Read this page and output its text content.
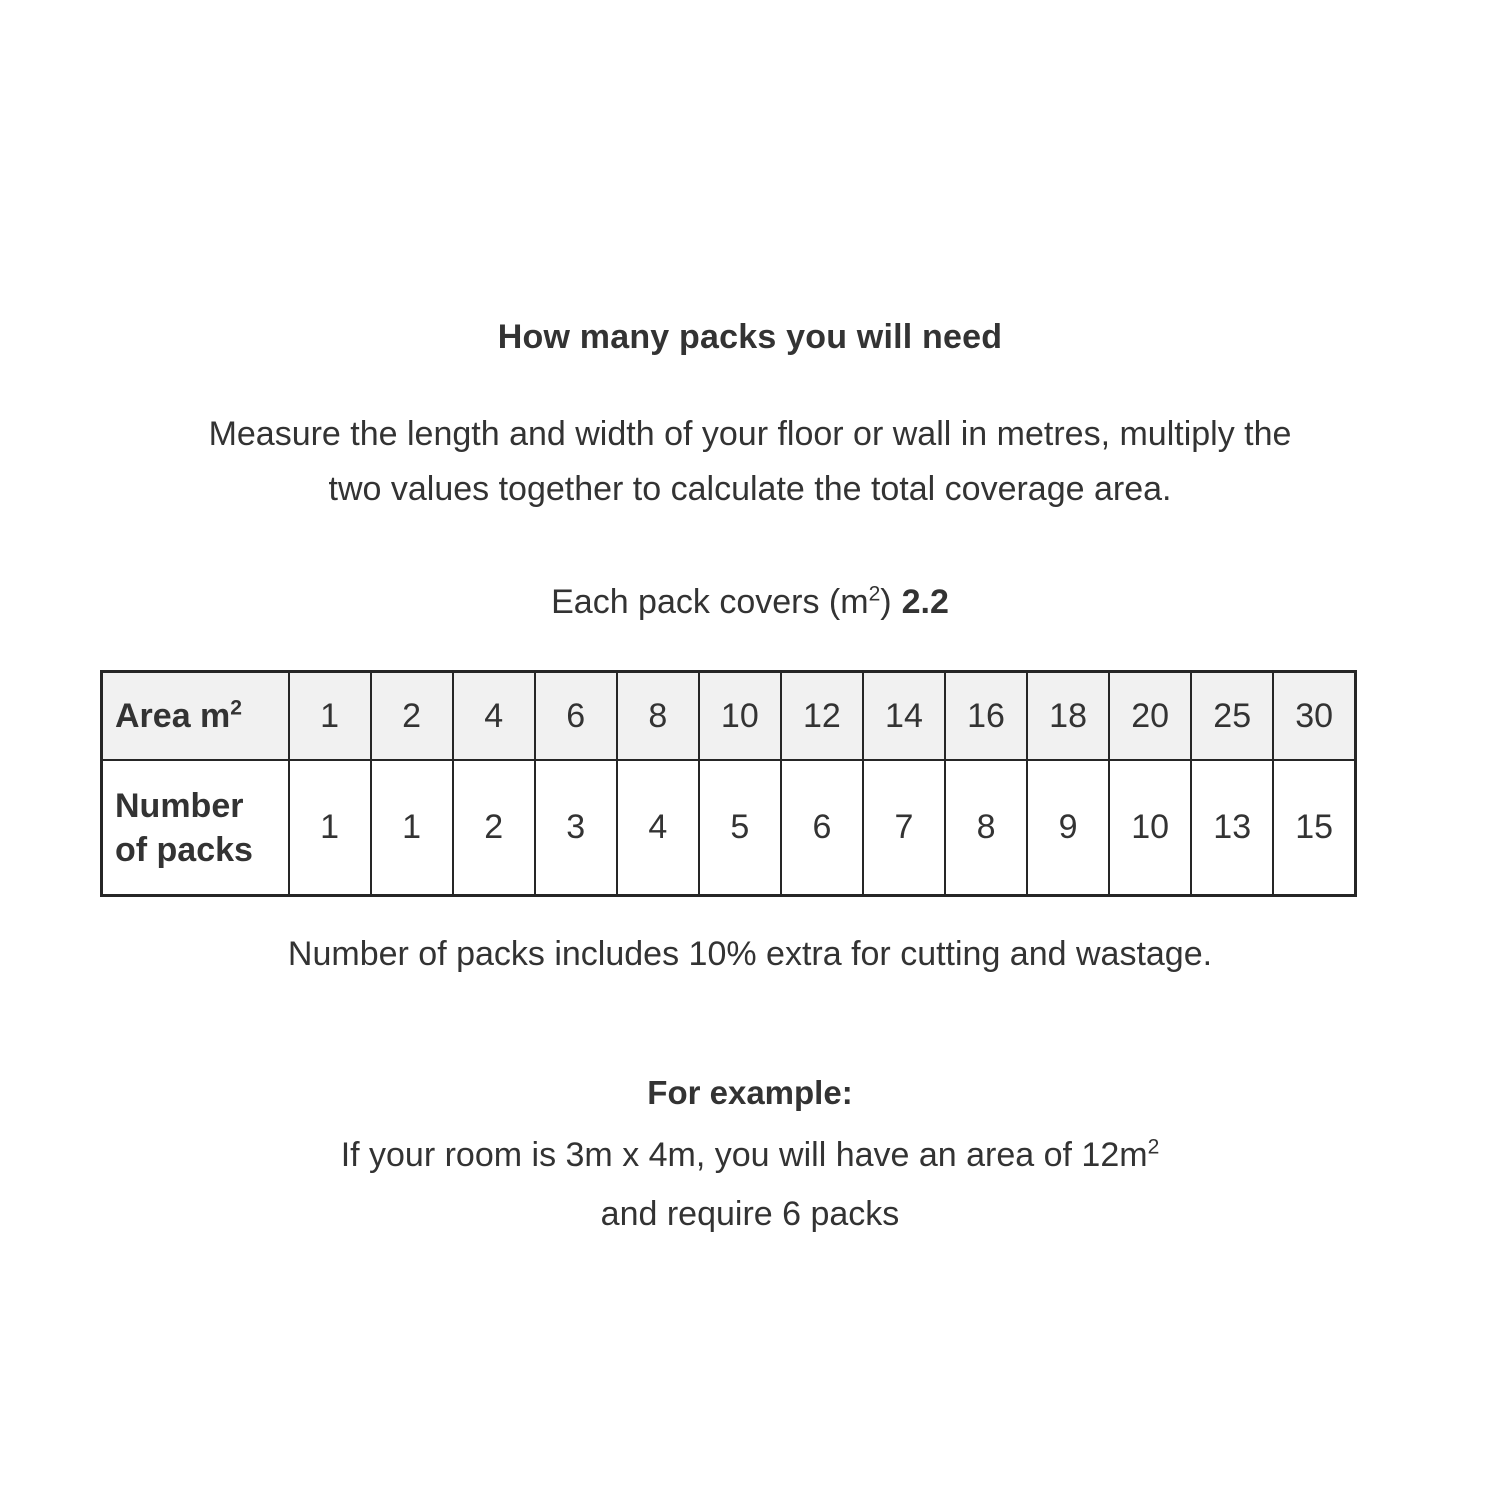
How many packs you will need

Measure the length and width of your floor or wall in metres, multiply the
two values together to calculate the total coverage area.

Each pack covers $(m^2)$ 2.2

Area $m^2$	1	2	4	6	8	10	12	14	16	18	20	25	30
Number
of packs	1	1	2	3	4	5	6	7	8	9	10	13	15

Number of packs includes 10% extra for cutting and wastage.

For example:

If your room is 3m x 4m, you will have an area of $12m^2$

and require 6 packs
